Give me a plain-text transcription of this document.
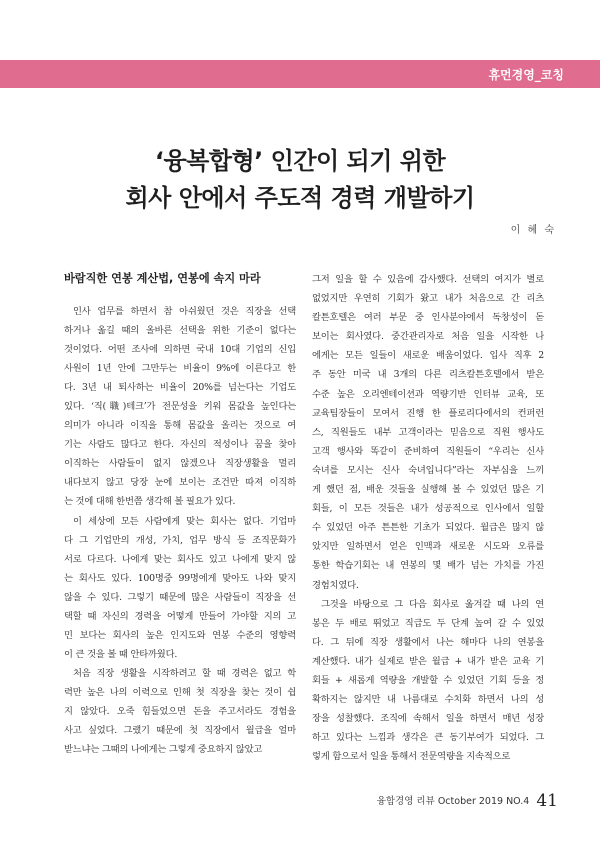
휴먼경영_코칭
‘융복합형’ 인간이 되기 위한
회사 안에서 주도적 경력 개발하기
이 혜 숙
바람직한 연봉 계산법, 연봉에 속지 마라
인사 업무를 하면서 참 아쉬웠던 것은 직장을 선택
하거나 옮길 때의 올바른 선택을 위한 기준이 없다는
것이었다. 어떤 조사에 의하면 국내 10대 기업의 신입
사원이 1년 안에 그만두는 비율이 9%에 이른다고 한
다. 3년 내 퇴사하는 비율이 20%를 넘는다는 기업도
있다. ‘직(職)테크’가 전문성을 키워 몸값을 높인다는
의미가 아니라 이직을 통해 몸값을 올리는 것으로 여
기는 사람도 많다고 한다. 자신의 적성이나 꿈을 찾아
이직하는 사람들이 없지 않겠으나 직장생활을 멀리
내다보지 않고 당장 눈에 보이는 조건만 따져 이직하
는 것에 대해 한번쯤 생각해 볼 필요가 있다.
이 세상에 모든 사람에게 맞는 회사는 없다. 기업마
다 그 기업만의 개성, 가치, 업무 방식 등 조직문화가
서로 다르다. 나에게 맞는 회사도 있고 나에게 맞지 않
는 회사도 있다. 100명중 99명에게 맞아도 나와 맞지
않을 수 있다. 그렇기 때문에 많은 사람들이 직장을 선
택할 때 자신의 경력을 어떻게 만들어 가야할 지의 고
민 보다는 회사의 높은 인지도와 연봉 수준의 영향력
이 큰 것을 볼 때 안타까웠다.
처음 직장 생활을 시작하려고 할 때 경력은 없고 학
력만 높은 나의 이력으로 인해 첫 직장을 찾는 것이 쉽
지 않았다. 오죽 힘들었으면 돈을 주고서라도 경험을
사고 싶었다. 그랬기 때문에 첫 직장에서 월급을 얼마
받느냐는 그때의 나에게는 그렇게 중요하지 않았고
그저 일을 할 수 있음에 감사했다. 선택의 여지가 별로
없었지만 우연히 기회가 왔고 내가 처음으로 간 리츠
칼튼호텔은 여러 부문 중 인사분야에서 독창성이 돋
보이는 회사였다. 중간관리자로 처음 일을 시작한 나
에게는 모든 일들이 새로운 배움이었다. 입사 직후 2
주 동안 미국 내 3개의 다른 리츠칼튼호텔에서 받은
수준 높은 오리엔테이션과 역량기반 인터뷰 교육, 또
교육팀장들이 모여서 진행 한 플로리다에서의 컨퍼런
스, 직원들도 내부 고객이라는 믿음으로 직원 행사도
고객 행사와 똑같이 준비하여 직원들이 “우리는 신사
숙녀를 모시는 신사 숙녀입니다”라는 자부심을 느끼
게 했던 점, 배운 것들을 실행해 볼 수 있었던 많은 기
회들, 이 모든 것들은 내가 성공적으로 인사에서 일할
수 있었던 아주 튼튼한 기초가 되었다. 월급은 많지 않
았지만 일하면서 얻은 인맥과 새로운 시도와 오류를
통한 학습기회는 내 연봉의 몇 배가 넘는 가치를 가진
경험치였다.
그것을 바탕으로 그 다음 회사로 옮겨갈 때 나의 연
봉은 두 배로 뛰었고 직급도 두 단계 높여 갈 수 있었
다. 그 뒤에 직장 생활에서 나는 해마다 나의 연봉을
계산했다. 내가 실제로 받은 월급 + 내가 받은 교육 기
회들 + 새롭게 역량을 개발할 수 있었던 기회 등을 정
확하지는 않지만 내 나름대로 수치화 하면서 나의 성
장을 성찰했다. 조직에 속해서 일을 하면서 매년 성장
하고 있다는 느낌과 생각은 큰 동기부여가 되었다. 그
렇게 함으로서 일을 통해서 전문역량을 지속적으로
융합경영 리뷰 October 2019 NO.4 41
